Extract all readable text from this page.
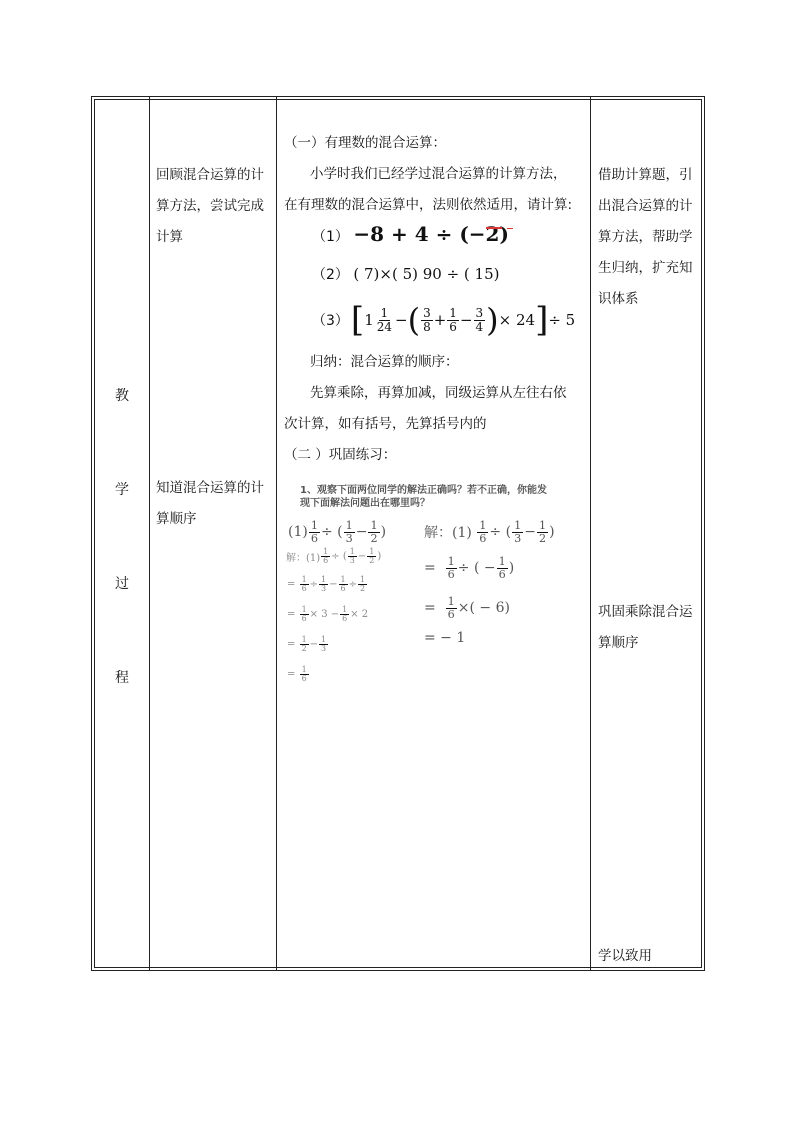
教
学
过
程
回顾混合运算的计
算方法，尝试完成
计算
知道混合运算的计
算顺序
借助计算题，引
出混合运算的计
算方法，帮助学
生归纳，扩充知
识体系
巩固乘除混合运
算顺序
学以致用
（一）有理数的混合运算：
小学时我们已经学过混合运算的计算方法，
在有理数的混合运算中，法则依然适用，请计算:
（1） −8 + 4 ÷ (−2)
（2） ( 7)×( 5) 90 ÷ ( 15)
（3） [ $1 \frac{1}{24}$ − ( $\frac{3}{8} + \frac{1}{6} - \frac{3}{4}$ ) × 24 ] ÷ 5
归纳：混合运算的顺序：
先算乘除，再算加减，同级运算从左往右依
次计算，如有括号，先算括号内的
（二 ）巩固练习：
1、观察下面两位同学的解法正确吗？若不正确，你能发
现下面解法问题出在哪里吗？
$(1) \frac{1}{6}$ ÷ ( $\frac{1}{3} - \frac{1}{2}$ )
解：$(1) \frac{1}{6}$ ÷ ( $\frac{1}{3} - \frac{1}{2}$ )
= $\frac{1}{6} \div \frac{1}{3} - \frac{1}{6} \div \frac{1}{2}$
= $\frac{1}{6} \times 3 - \frac{1}{6} \times 2$
= $\frac{1}{2} - \frac{1}{3}$
= $\frac{1}{6}$
解：(1)
$\frac{1}{6}$ ÷ ( $\frac{1}{3} - \frac{1}{2}$ )
= $\frac{1}{6}$ ÷ ( − $\frac{1}{6}$ )
= $\frac{1}{6}$ ×( − 6)
= − 1
